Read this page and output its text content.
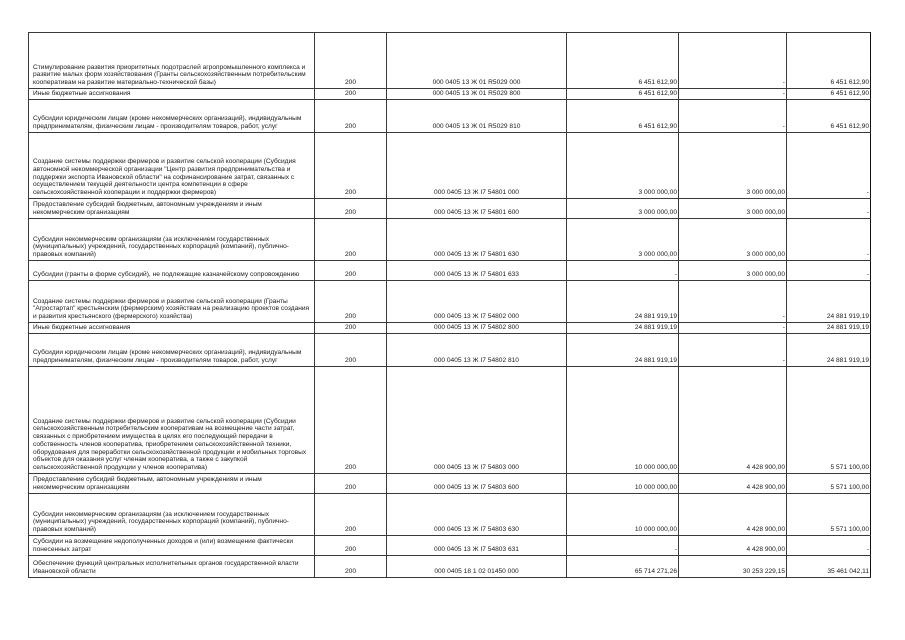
Стимулирование развития приоритетных подотраслей агропромышленного комплекса и развитие малых форм хозяйствования (Гранты сельскохозяйственным потребительским кооперативам на развитие материально-технической базы)	200	000 0405 13 Ж 01 R5029 000	6 451 612,90	-	6 451 612,90
Иные бюджетные ассигнования	200	000 0405 13 Ж 01 R5029 800	6 451 612,90	-	6 451 612,90
Субсидии юридическим лицам (кроме некоммерческих организаций), индивидуальным предпринимателям, физическим лицам - производителям товаров, работ, услуг	200	000 0405 13 Ж 01 R5029 810	6 451 612,90	-	6 451 612,90
Создание системы поддержки фермеров и развитие сельской кооперации (Субсидия автономной некоммерческой организации "Центр развития предпринимательства и поддержки экспорта Ивановской области" на софинансирование затрат, связанных с осуществлением текущей деятельности центра компетенции в сфере сельскохозяйственной кооперации и поддержки фермеров)	200	000 0405 13 Ж I7 54801 000	3 000 000,00	3 000 000,00	-
Предоставление субсидий бюджетным, автономным учреждениям и иным некоммерческим организациям	200	000 0405 13 Ж I7 54801 600	3 000 000,00	3 000 000,00	-
Субсидии некоммерческим организациям (за исключением государственных (муниципальных) учреждений, государственных корпораций (компаний), публично-правовых компаний)	200	000 0405 13 Ж I7 54801 630	3 000 000,00	3 000 000,00	-
Субсидии (гранты в форме субсидий), не подлежащие казначейскому сопровождению	200	000 0405 13 Ж I7 54801 633	-	3 000 000,00	-
Создание системы поддержки фермеров и развитие сельской кооперации (Гранты "Агростартап" крестьянским (фермерским) хозяйствам на реализацию проектов создания и развития крестьянского (фермерского) хозяйства)	200	000 0405 13 Ж I7 54802 000	24 881 919,19	-	24 881 919,19
Иные бюджетные ассигнования	200	000 0405 13 Ж I7 54802 800	24 881 919,19	-	24 881 919,19
Субсидии юридическим лицам (кроме некоммерческих организаций), индивидуальным предпринимателям, физическим лицам - производителям товаров, работ, услуг	200	000 0405 13 Ж I7 54802 810	24 881 919,19	-	24 881 919,19
Создание системы поддержки фермеров и развитие сельской кооперации (Субсидии сельскохозяйственным потребительским кооперативам на возмещение части затрат, связанных с приобретением имущества в целях его последующей передачи в собственность членов кооператива, приобретением сельскохозяйственной техники, оборудования для переработки сельскохозяйственной продукции и мобильных торговых объектов для оказания услуг членам кооператива, а также с закупкой сельскохозяйственной продукции у членов кооператива)	200	000 0405 13 Ж I7 54803 000	10 000 000,00	4 428 900,00	5 571 100,00
Предоставление субсидий бюджетным, автономным учреждениям и иным некоммерческим организациям	200	000 0405 13 Ж I7 54803 600	10 000 000,00	4 428 900,00	5 571 100,00
Субсидии некоммерческим организациям (за исключением государственных (муниципальных) учреждений, государственных корпораций (компаний), публично-правовых компаний)	200	000 0405 13 Ж I7 54803 630	10 000 000,00	4 428 900,00	5 571 100,00
Субсидии на возмещение недополученных доходов и (или) возмещение фактически понесенных затрат	200	000 0405 13 Ж I7 54803 631	-	4 428 900,00	-
Обеспечение функций центральных исполнительных органов государственной власти Ивановской области	200	000 0405 18 1 02 01450 000	65 714 271,26	30 253 229,15	35 461 042,11
